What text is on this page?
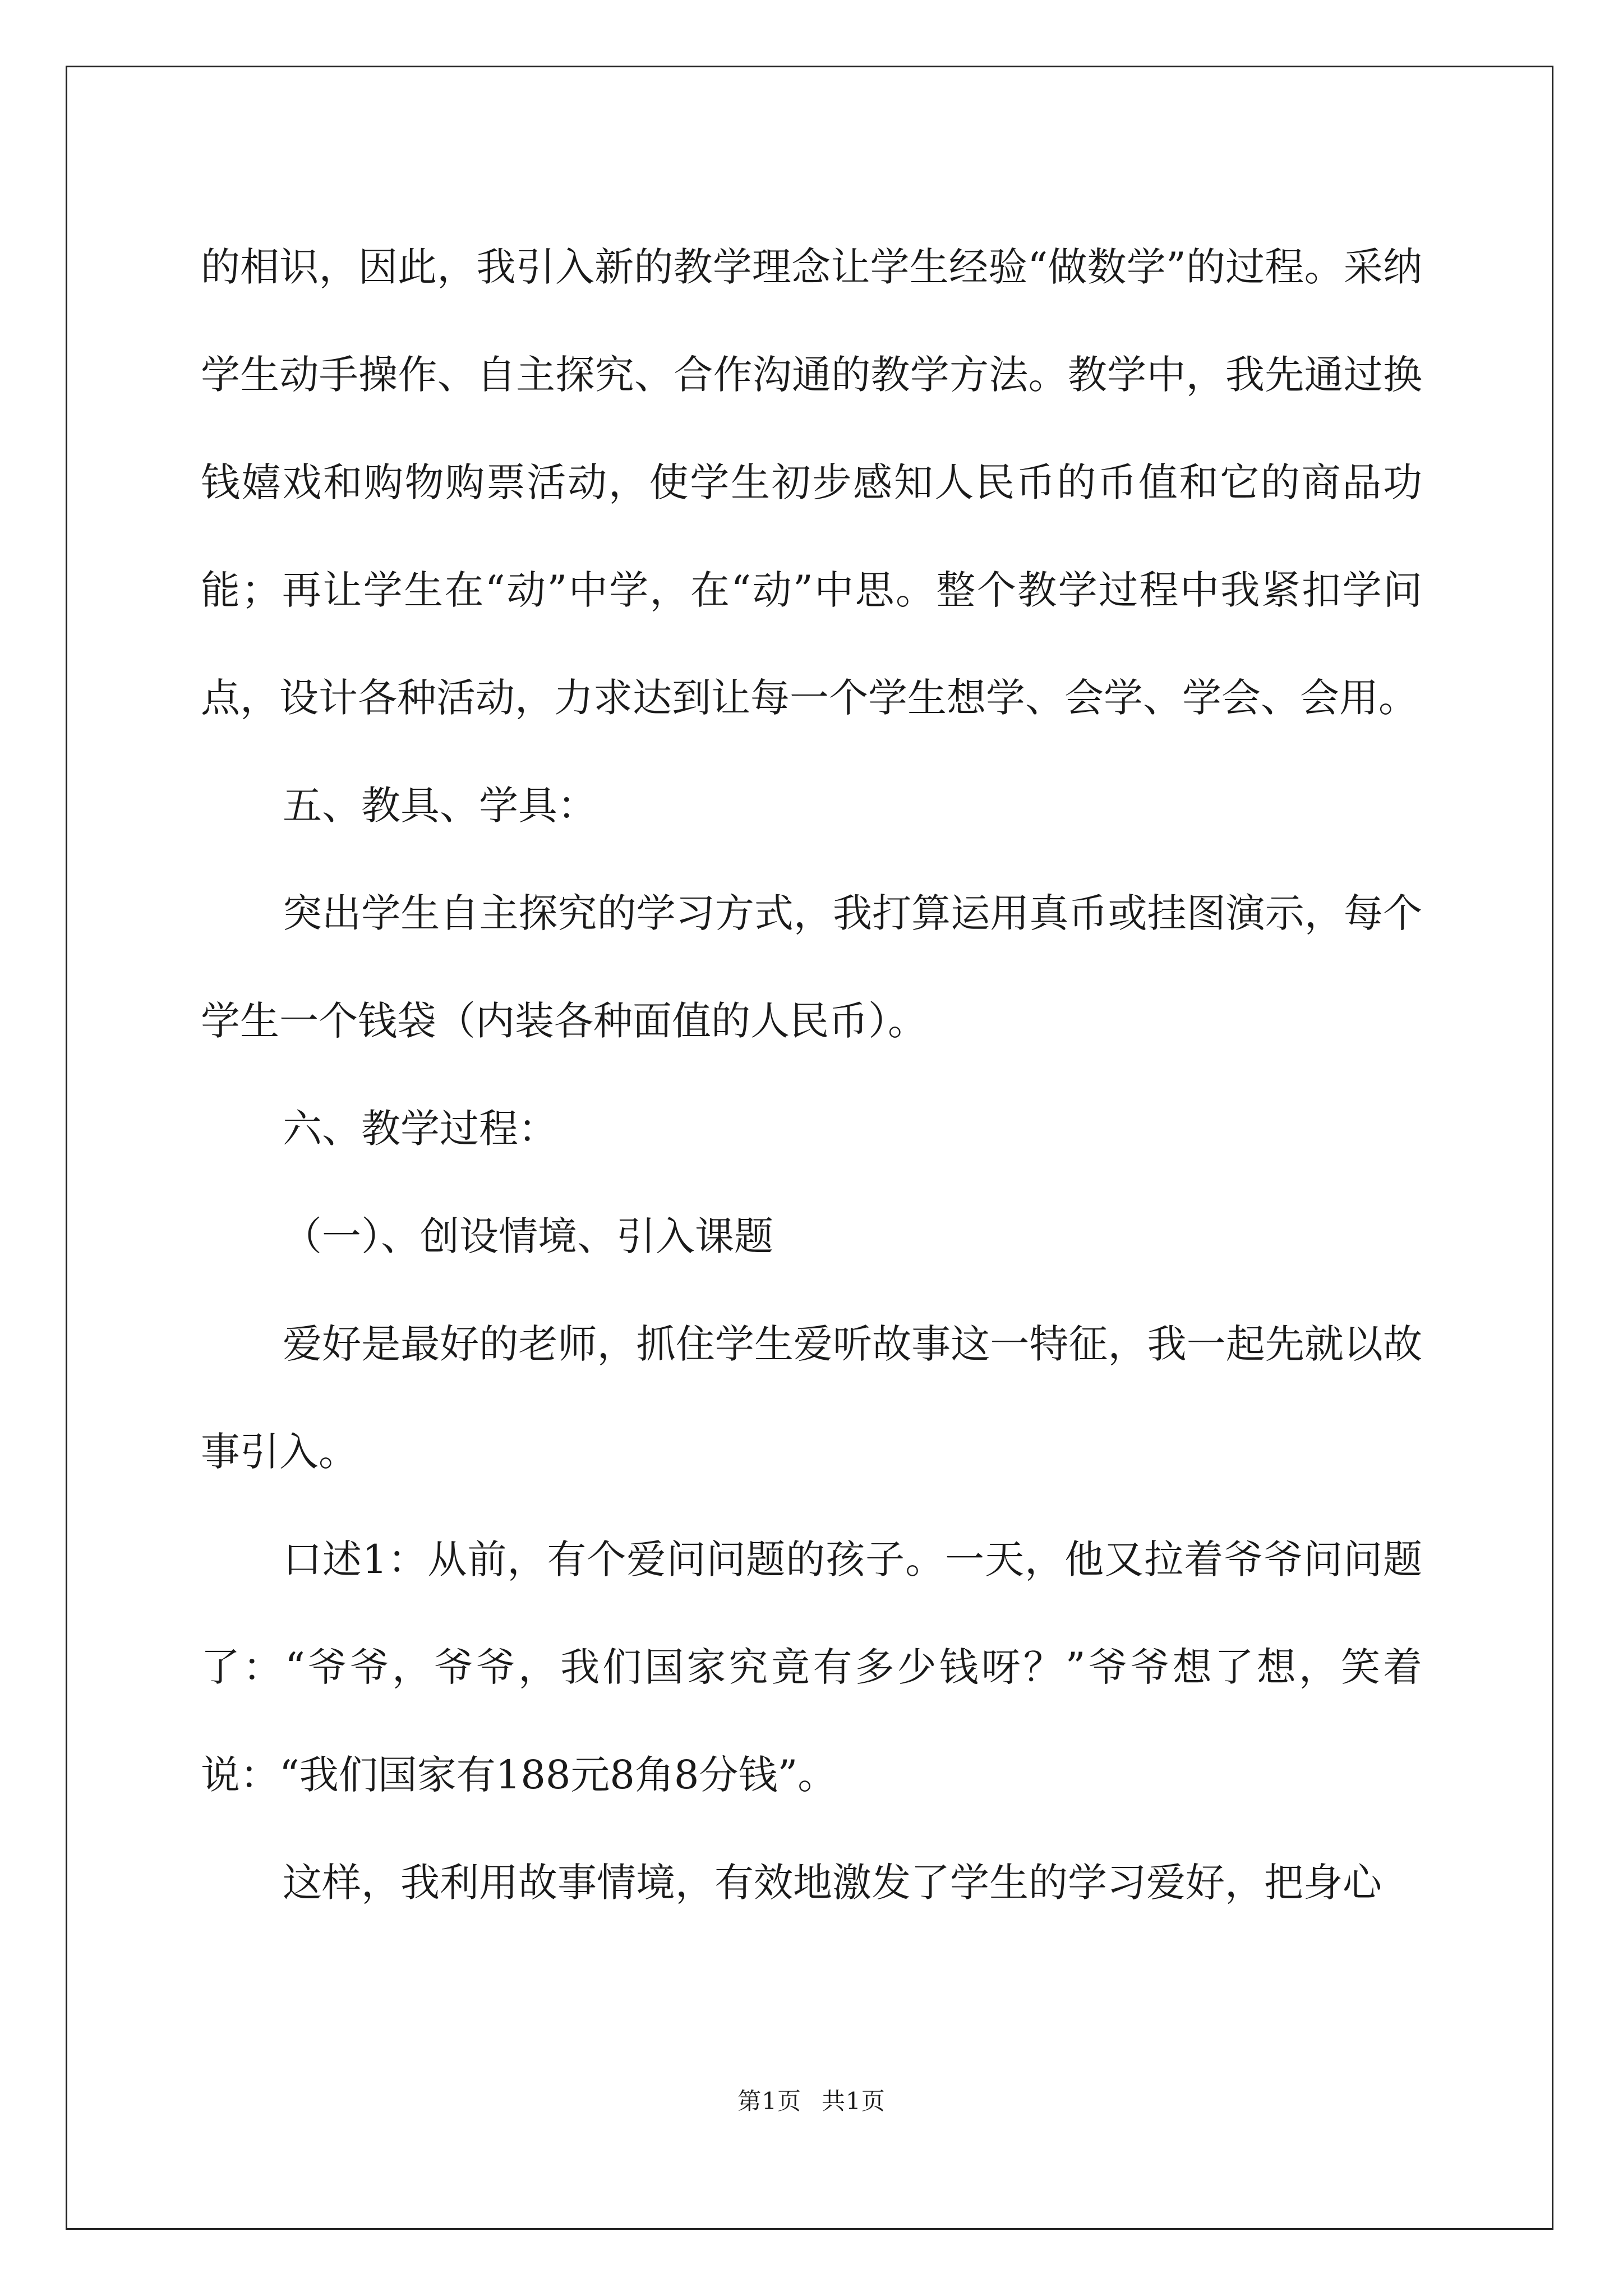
的相识，因此，我引入新的教学理念让学生经验“做数学”的过程。采纳学生动手操作、自主探究、合作沟通的教学方法。教学中，我先通过换钱嬉戏和购物购票活动，使学生初步感知人民币的币值和它的商品功能；再让学生在“动”中学，在“动”中思。整个教学过程中我紧扣学问点，设计各种活动，力求达到让每一个学生想学、会学、学会、会用。

五、教具、学具：

突出学生自主探究的学习方式，我打算运用真币或挂图演示，每个学生一个钱袋（内装各种面值的人民币）。

六、教学过程：

（一）、创设情境、引入课题

爱好是最好的老师，抓住学生爱听故事这一特征，我一起先就以故事引入。

口述1：从前，有个爱问问题的孩子。一天，他又拉着爷爷问问题了：“爷爷，爷爷，我们国家究竟有多少钱呀？”爷爷想了想，笑着说：“我们国家有188元8角8分钱”。

这样，我利用故事情境，有效地激发了学生的学习爱好，把身心

第1页 共1页
